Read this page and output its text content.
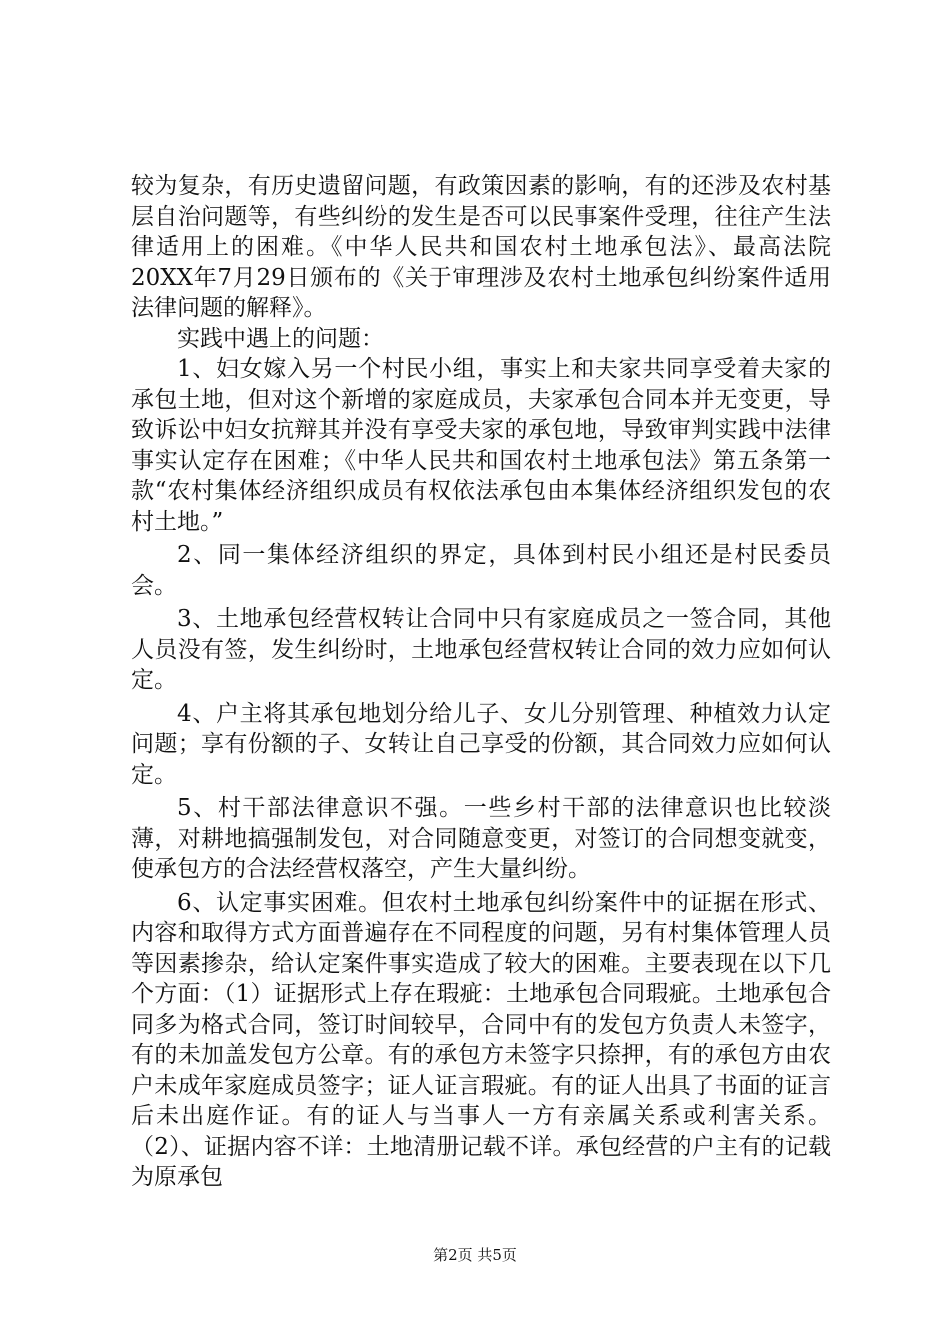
较为复杂，有历史遗留问题，有政策因素的影响，有的还涉及农村基层自治问题等，有些纠纷的发生是否可以民事案件受理，往往产生法律适用上的困难。《中华人民共和国农村土地承包法》、最高法院20XX年7月29日颁布的《关于审理涉及农村土地承包纠纷案件适用法律问题的解释》。

实践中遇上的问题：

1、妇女嫁入另一个村民小组，事实上和夫家共同享受着夫家的承包土地，但对这个新增的家庭成员，夫家承包合同本并无变更，导致诉讼中妇女抗辩其并没有享受夫家的承包地，导致审判实践中法律事实认定存在困难；《中华人民共和国农村土地承包法》第五条第一款“农村集体经济组织成员有权依法承包由本集体经济组织发包的农村土地。”

2、同一集体经济组织的界定，具体到村民小组还是村民委员会。

3、土地承包经营权转让合同中只有家庭成员之一签合同，其他人员没有签，发生纠纷时，土地承包经营权转让合同的效力应如何认定。

4、户主将其承包地划分给儿子、女儿分别管理、种植效力认定问题；享有份额的子、女转让自己享受的份额，其合同效力应如何认定。

5、村干部法律意识不强。一些乡村干部的法律意识也比较淡薄，对耕地搞强制发包，对合同随意变更，对签订的合同想变就变，使承包方的合法经营权落空，产生大量纠纷。

6、认定事实困难。但农村土地承包纠纷案件中的证据在形式、内容和取得方式方面普遍存在不同程度的问题，另有村集体管理人员等因素掺杂，给认定案件事实造成了较大的困难。主要表现在以下几个方面：（1）证据形式上存在瑕疵：土地承包合同瑕疵。土地承包合同多为格式合同，签订时间较早，合同中有的发包方负责人未签字，有的未加盖发包方公章。有的承包方未签字只捺押，有的承包方由农户未成年家庭成员签字；证人证言瑕疵。有的证人出具了书面的证言后未出庭作证。有的证人与当事人一方有亲属关系或利害关系。（2）、证据内容不详：土地清册记载不详。承包经营的户主有的记载为原承包

第2页 共5页
